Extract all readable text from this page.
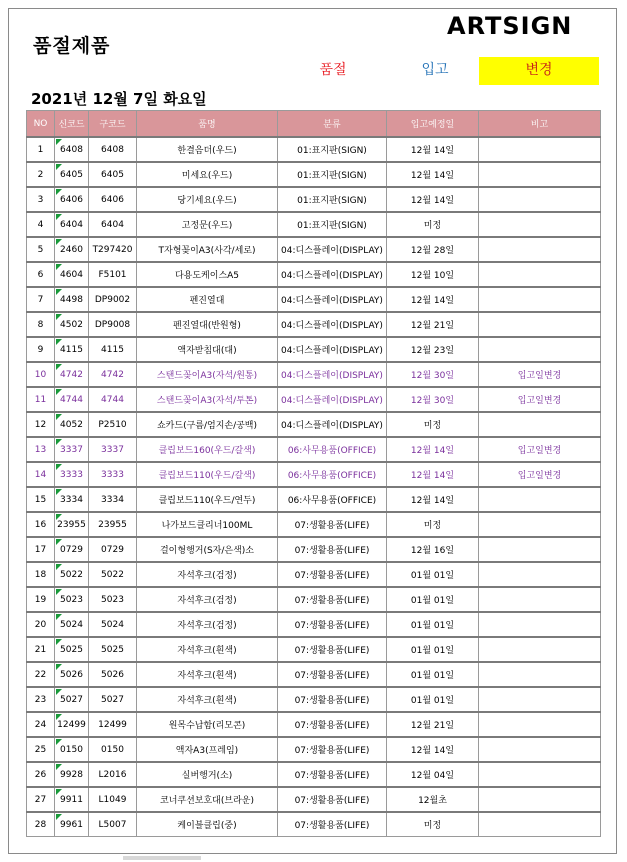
품절제품
ARTSIGN
품절	입고	변경
2021년 12월 7일 화요일
NO	신코드	구코드	품명	분류	입고예정일	비고
1	6408	6408	한결음더(우드)	01:표지판(SIGN)	12월 14일	
2	6405	6405	미세요(우드)	01:표지판(SIGN)	12월 14일	
3	6406	6406	당기세요(우드)	01:표지판(SIGN)	12월 14일	
4	6404	6404	고정문(우드)	01:표지판(SIGN)	미정	
5	2460	T297420	T자형꽂이A3(사각/세로)	04:디스플레이(DISPLAY)	12월 28일	
6	4604	F5101	다용도케이스A5	04:디스플레이(DISPLAY)	12월 10일	
7	4498	DP9002	펜진열대	04:디스플레이(DISPLAY)	12월 14일	
8	4502	DP9008	펜진열대(반원형)	04:디스플레이(DISPLAY)	12월 21일	
9	4115	4115	액자받침대(대)	04:디스플레이(DISPLAY)	12월 23일	
10	4742	4742	스탠드꽂이A3(자석/원통)	04:디스플레이(DISPLAY)	12월 30일	입고일변경
11	4744	4744	스탠드꽂이A3(자석/투톤)	04:디스플레이(DISPLAY)	12월 30일	입고일변경
12	4052	P2510	쇼카드(구름/엄지손/공백)	04:디스플레이(DISPLAY)	미정	
13	3337	3337	클립보드160(우드/갈색)	06:사무용품(OFFICE)	12월 14일	입고일변경
14	3333	3333	클립보드110(우드/갈색)	06:사무용품(OFFICE)	12월 14일	입고일변경
15	3334	3334	클립보드110(우드/연두)	06:사무용품(OFFICE)	12월 14일	
16	23955	23955	나가보드클리너100ML	07:생활용품(LIFE)	미정	
17	0729	0729	걸이형행거(S자/은색)소	07:생활용품(LIFE)	12월 16일	
18	5022	5022	자석후크(검정)	07:생활용품(LIFE)	01월 01일	
19	5023	5023	자석후크(검정)	07:생활용품(LIFE)	01월 01일	
20	5024	5024	자석후크(검정)	07:생활용품(LIFE)	01월 01일	
21	5025	5025	자석후크(흰색)	07:생활용품(LIFE)	01월 01일	
22	5026	5026	자석후크(흰색)	07:생활용품(LIFE)	01월 01일	
23	5027	5027	자석후크(흰색)	07:생활용품(LIFE)	01월 01일	
24	12499	12499	원목수납함(리모콘)	07:생활용품(LIFE)	12월 21일	
25	0150	0150	액자A3(프레임)	07:생활용품(LIFE)	12월 14일	
26	9928	L2016	실버행거(소)	07:생활용품(LIFE)	12월 04일	
27	9911	L1049	코너쿠션보호대(브라운)	07:생활용품(LIFE)	12월초	
28	9961	L5007	케이블클립(중)	07:생활용품(LIFE)	미정	
